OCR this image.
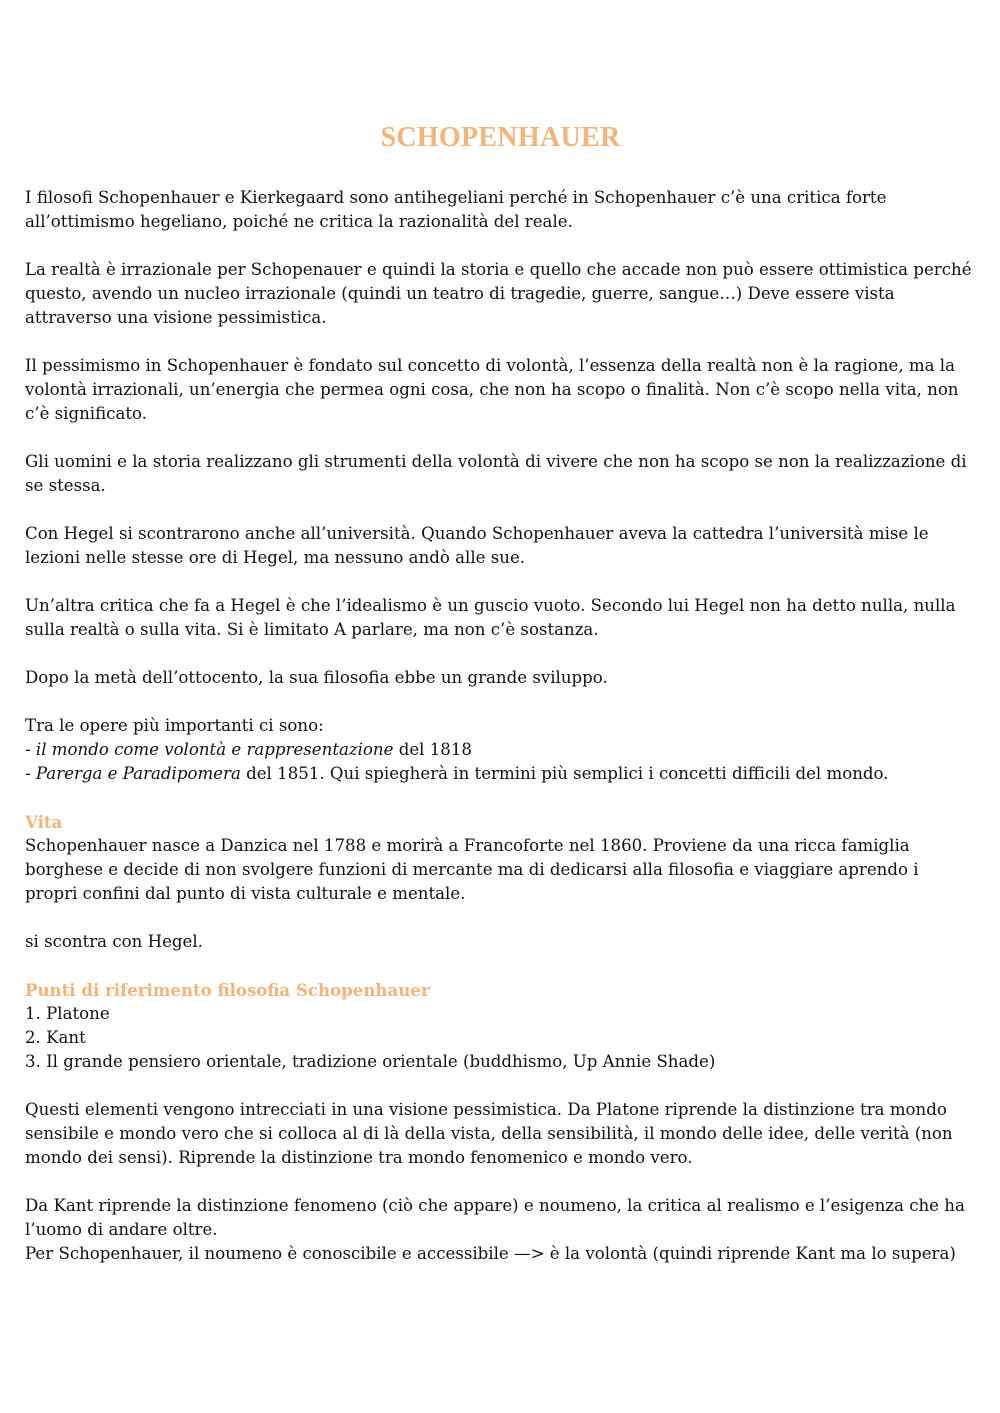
SCHOPENHAUER

I filosofi Schopenhauer e Kierkegaard sono antihegeliani perché in Schopenhauer c’è una critica forte all’ottimismo hegeliano, poiché ne critica la razionalità del reale.

La realtà è irrazionale per Schopenauer e quindi la storia e quello che accade non può essere ottimistica perché questo, avendo un nucleo irrazionale (quindi un teatro di tragedie, guerre, sangue…) Deve essere vista attraverso una visione pessimistica.

Il pessimismo in Schopenhauer è fondato sul concetto di volontà, l’essenza della realtà non è la ragione, ma la volontà irrazionali, un’energia che permea ogni cosa, che non ha scopo o finalità. Non c’è scopo nella vita, non c’è significato.

Gli uomini e la storia realizzano gli strumenti della volontà di vivere che non ha scopo se non la realizzazione di se stessa.

Con Hegel si scontrarono anche all’università. Quando Schopenhauer aveva la cattedra l’università mise le lezioni nelle stesse ore di Hegel, ma nessuno andò alle sue.

Un’altra critica che fa a Hegel è che l’idealismo è un guscio vuoto. Secondo lui Hegel non ha detto nulla, nulla sulla realtà o sulla vita. Si è limitato A parlare, ma non c’è sostanza.

Dopo la metà dell’ottocento, la sua filosofia ebbe un grande sviluppo.

Tra le opere più importanti ci sono:
- il mondo come volontà e rappresentazione del 1818
- Parerga e Paradipomera del 1851. Qui spiegherà in termini più semplici i concetti difficili del mondo.

Vita
Schopenhauer nasce a Danzica nel 1788 e morirà a Francoforte nel 1860. Proviene da una ricca famiglia borghese e decide di non svolgere funzioni di mercante ma di dedicarsi alla filosofia e viaggiare aprendo i propri confini dal punto di vista culturale e mentale.

si scontra con Hegel.

Punti di riferimento filosofia Schopenhauer
1. Platone
2. Kant
3. Il grande pensiero orientale, tradizione orientale (buddhismo, Up Annie Shade)

Questi elementi vengono intrecciati in una visione pessimistica. Da Platone riprende la distinzione tra mondo sensibile e mondo vero che si colloca al di là della vista, della sensibilità, il mondo delle idee, delle verità (non mondo dei sensi). Riprende la distinzione tra mondo fenomenico e mondo vero.

Da Kant riprende la distinzione fenomeno (ciò che appare) e noumeno, la critica al realismo e l’esigenza che ha l’uomo di andare oltre.
Per Schopenhauer, il noumeno è conoscibile e accessibile —> è la volontà (quindi riprende Kant ma lo supera)
